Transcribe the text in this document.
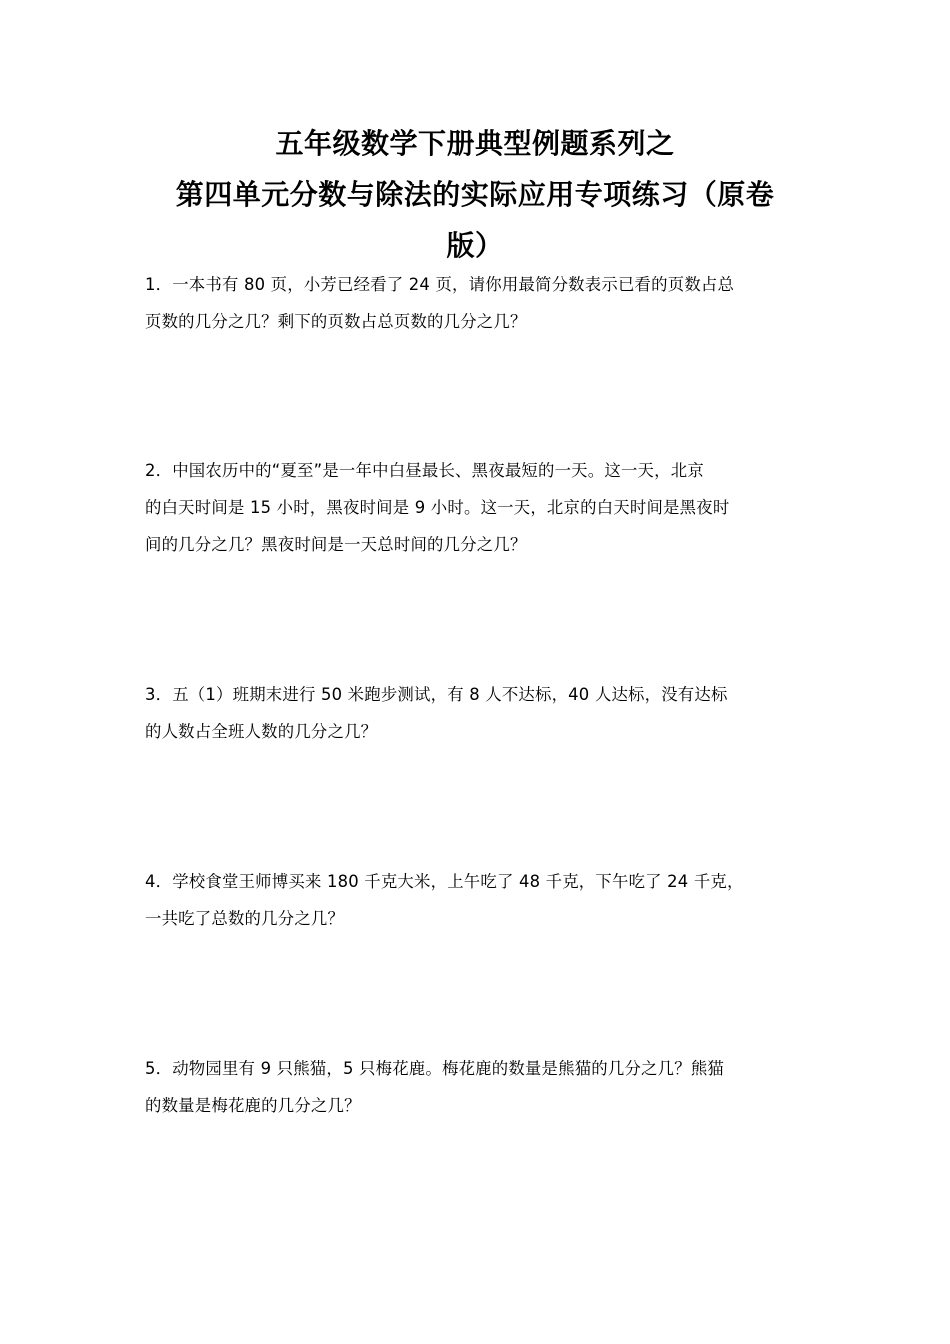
五年级数学下册典型例题系列之
第四单元分数与除法的实际应用专项练习（原卷
版）
1．一本书有 80 页，小芳已经看了 24 页，请你用最简分数表示已看的页数占总
页数的几分之几？剩下的页数占总页数的几分之几？
2．中国农历中的“夏至”是一年中白昼最长、黑夜最短的一天。这一天，北京
的白天时间是 15 小时，黑夜时间是 9 小时。这一天，北京的白天时间是黑夜时
间的几分之几？黑夜时间是一天总时间的几分之几？
3．五（1）班期末进行 50 米跑步测试，有 8 人不达标，40 人达标，没有达标
的人数占全班人数的几分之几？
4．学校食堂王师博买来 180 千克大米，上午吃了 48 千克，下午吃了 24 千克，
一共吃了总数的几分之几？
5．动物园里有 9 只熊猫，5 只梅花鹿。梅花鹿的数量是熊猫的几分之几？熊猫
的数量是梅花鹿的几分之几？
